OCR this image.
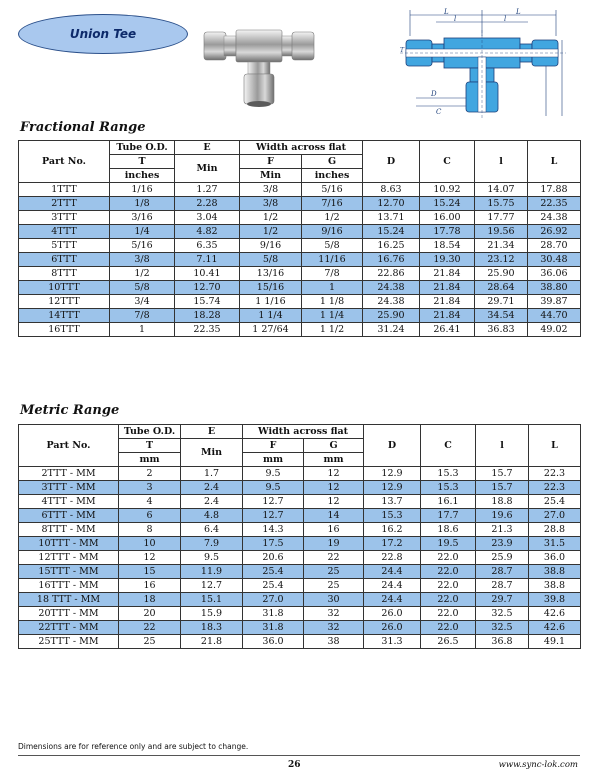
Union Tee
L
l
L
l
D
C
T
Fractional Range
Part No.	Tube O.D.	E	Width across flat		D	C	l	L
	T	Min	F	G				
	inches		Min	inches				
1TTT	1/16	1.27	3/8	5/16	8.63	10.92	14.07	17.88
2TTT	1/8	2.28	3/8	7/16	12.70	15.24	15.75	22.35
3TTT	3/16	3.04	1/2	1/2	13.71	16.00	17.77	24.38
4TTT	1/4	4.82	1/2	9/16	15.24	17.78	19.56	26.92
5TTT	5/16	6.35	9/16	5/8	16.25	18.54	21.34	28.70
6TTT	3/8	7.11	5/8	11/16	16.76	19.30	23.12	30.48
8TTT	1/2	10.41	13/16	7/8	22.86	21.84	25.90	36.06
10TTT	5/8	12.70	15/16	1	24.38	21.84	28.64	38.80
12TTT	3/4	15.74	1 1/16	1 1/8	24.38	21.84	29.71	39.87
14TTT	7/8	18.28	1 1/4	1 1/4	25.90	21.84	34.54	44.70
16TTT	1	22.35	1 27/64	1 1/2	31.24	26.41	36.83	49.02
Metric Range
Part No.	Tube O.D.	E	Width across flat		D	C	l	L
	T	Min	F	G				
	mm		mm	mm				
2TTT - MM	2	1.7	9.5	12	12.9	15.3	15.7	22.3
3TTT - MM	3	2.4	9.5	12	12.9	15.3	15.7	22.3
4TTT - MM	4	2.4	12.7	12	13.7	16.1	18.8	25.4
6TTT - MM	6	4.8	12.7	14	15.3	17.7	19.6	27.0
8TTT - MM	8	6.4	14.3	16	16.2	18.6	21.3	28.8
10TTT - MM	10	7.9	17.5	19	17.2	19.5	23.9	31.5
12TTT - MM	12	9.5	20.6	22	22.8	22.0	25.9	36.0
15TTT - MM	15	11.9	25.4	25	24.4	22.0	28.7	38.8
16TTT - MM	16	12.7	25.4	25	24.4	22.0	28.7	38.8
18 TTT - MM	18	15.1	27.0	30	24.4	22.0	29.7	39.8
20TTT - MM	20	15.9	31.8	32	26.0	22.0	32.5	42.6
22TTT - MM	22	18.3	31.8	32	26.0	22.0	32.5	42.6
25TTT - MM	25	21.8	36.0	38	31.3	26.5	36.8	49.1
Dimensions are for reference only and are subject to change.
26	www.sync-lok.com
